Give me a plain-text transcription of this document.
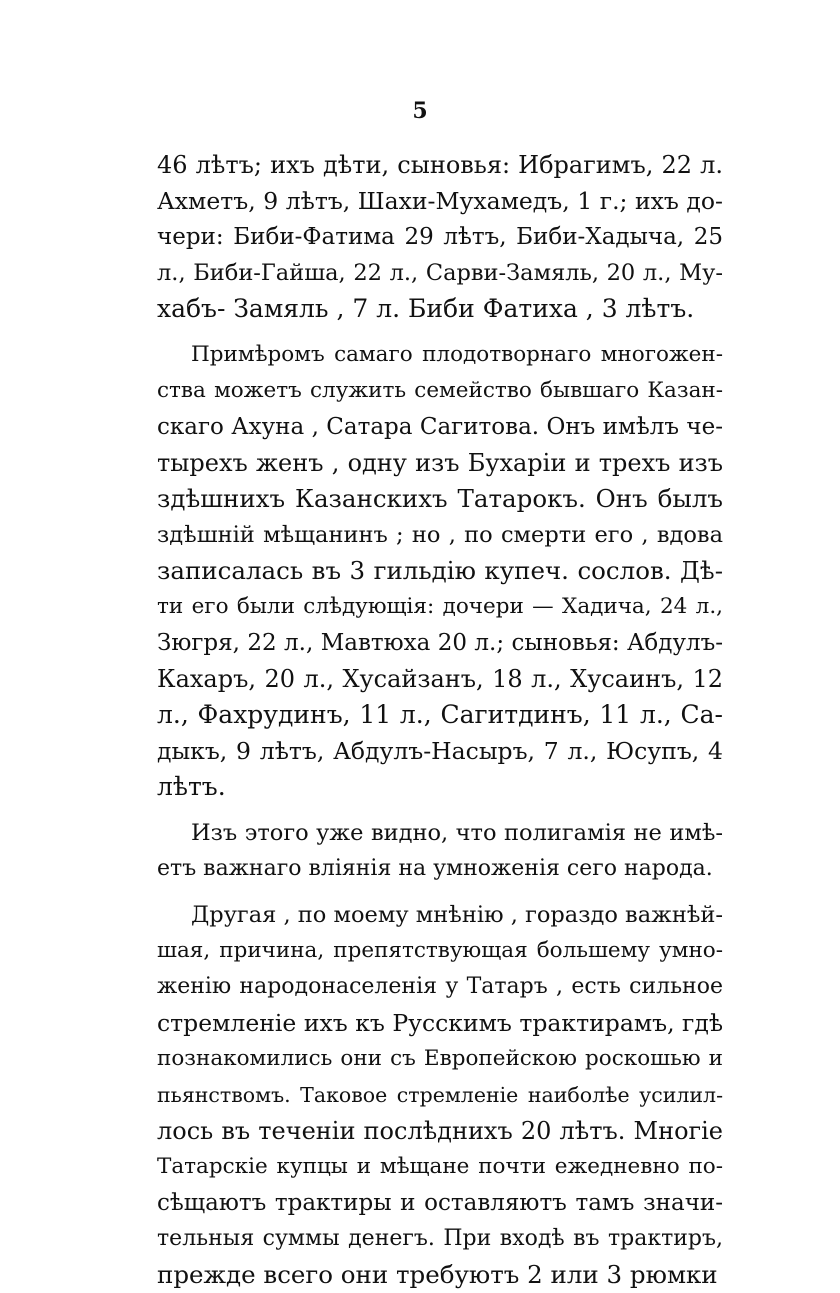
5
46 лѣтъ; ихъ дѣти, сыновья: Ибрагимъ, 22 л.
Ахметъ, 9 лѣтъ, Шахи-Мухамедъ, 1 г.; ихъ до-
чери: Биби-Фатима 29 лѣтъ, Биби-Хадыча, 25
л., Биби-Гайша, 22 л., Сарви-Замяль, 20 л., Му-
хабъ- Замяль , 7 л. Биби Фатиха , 3 лѣтъ.
Примѣромъ самаго плодотворнаго многожен-
ства можетъ служить семейство бывшаго Казан-
скаго Ахуна , Сатара Сагитова. Онъ имѣлъ че-
тырехъ женъ , одну изъ Бухаріи и трехъ изъ
здѣшнихъ Казанскихъ Татарокъ. Онъ былъ
здѣшній мѣщанинъ ; но , по смерти его , вдова
записалась въ 3 гильдію купеч. сослов. Дѣ-
ти его были слѣдующія: дочери — Хадича, 24 л.,
Зюгря, 22 л., Мавтюха 20 л.; сыновья: Абдулъ-
Кахаръ, 20 л., Хусайзанъ, 18 л., Хусаинъ, 12
л., Фахрудинъ, 11 л., Сагитдинъ, 11 л., Са-
дыкъ, 9 лѣтъ, Абдулъ-Насыръ, 7 л., Юсупъ, 4
лѣтъ.
Изъ этого уже видно, что полигамія не имѣ-
етъ важнаго вліянія на умноженія сего народа.
Другая , по моему мнѣнію , гораздо важнѣй-
шая, причина, препятствующая большему умно-
женію народонаселенія у Татаръ , есть сильное
стремленіе ихъ къ Русскимъ трактирамъ, гдѣ
познакомились они съ Европейскою роскошью и
пьянствомъ. Таковое стремленіе наиболѣе усилил-
лось въ теченіи послѣднихъ 20 лѣтъ. Многіе
Татарскіе купцы и мѣщане почти ежедневно по-
сѣщаютъ трактиры и оставляютъ тамъ значи-
тельныя суммы денегъ. При входѣ въ трактиръ,
прежде всего они требуютъ 2 или 3 рюмки
